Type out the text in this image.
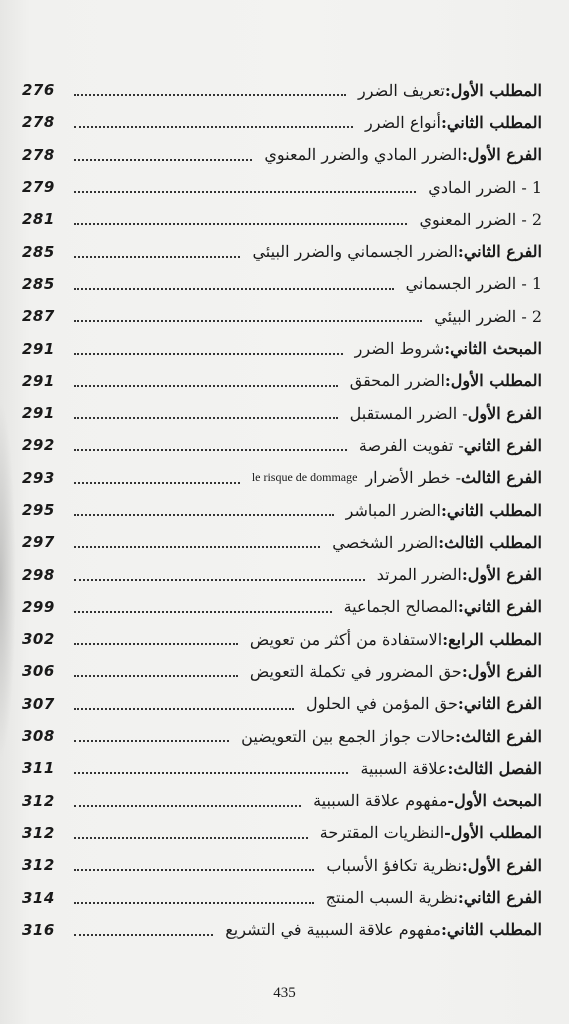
المطلب الأول:
تعريف الضرر
276
المطلب الثاني:
أنواع الضرر
278
الفرع الأول:
الضرر المادي والضرر المعنوي
278
1 - الضرر المادي
279
2 - الضرر المعنوي
281
الفرع الثاني:
الضرر الجسماني والضرر البيئي
285
1 - الضرر الجسماني
285
2 - الضرر البيئي
287
المبحث الثاني:
شروط الضرر
291
المطلب الأول:
الضرر المحقق
291
الفرع الأول
- الضرر المستقبل
291
الفرع الثاني
- تفويت الفرصة
292
الفرع الثالث
- خطر الأضرار
le risque de dommage
293
المطلب الثاني:
الضرر المباشر
295
المطلب الثالث:
الضرر الشخصي
297
الفرع الأول:
الضرر المرتد
298
الفرع الثاني:
المصالح الجماعية
299
المطلب الرابع:
الاستفادة من أكثر من تعويض
302
الفرع الأول:
حق المضرور في تكملة التعويض
306
الفرع الثاني:
حق المؤمن في الحلول
307
الفرع الثالث:
حالات جواز الجمع بين التعويضين
308
الفصل الثالث:
علاقة السببية
311
المبحث الأول-
مفهوم علاقة السببية
312
المطلب الأول-
النظريات المقترحة
312
الفرع الأول:
نظرية تكافؤ الأسباب
312
الفرع الثاني:
نظرية السبب المنتج
314
المطلب الثاني:
مفهوم علاقة السببية في التشريع
316
435
